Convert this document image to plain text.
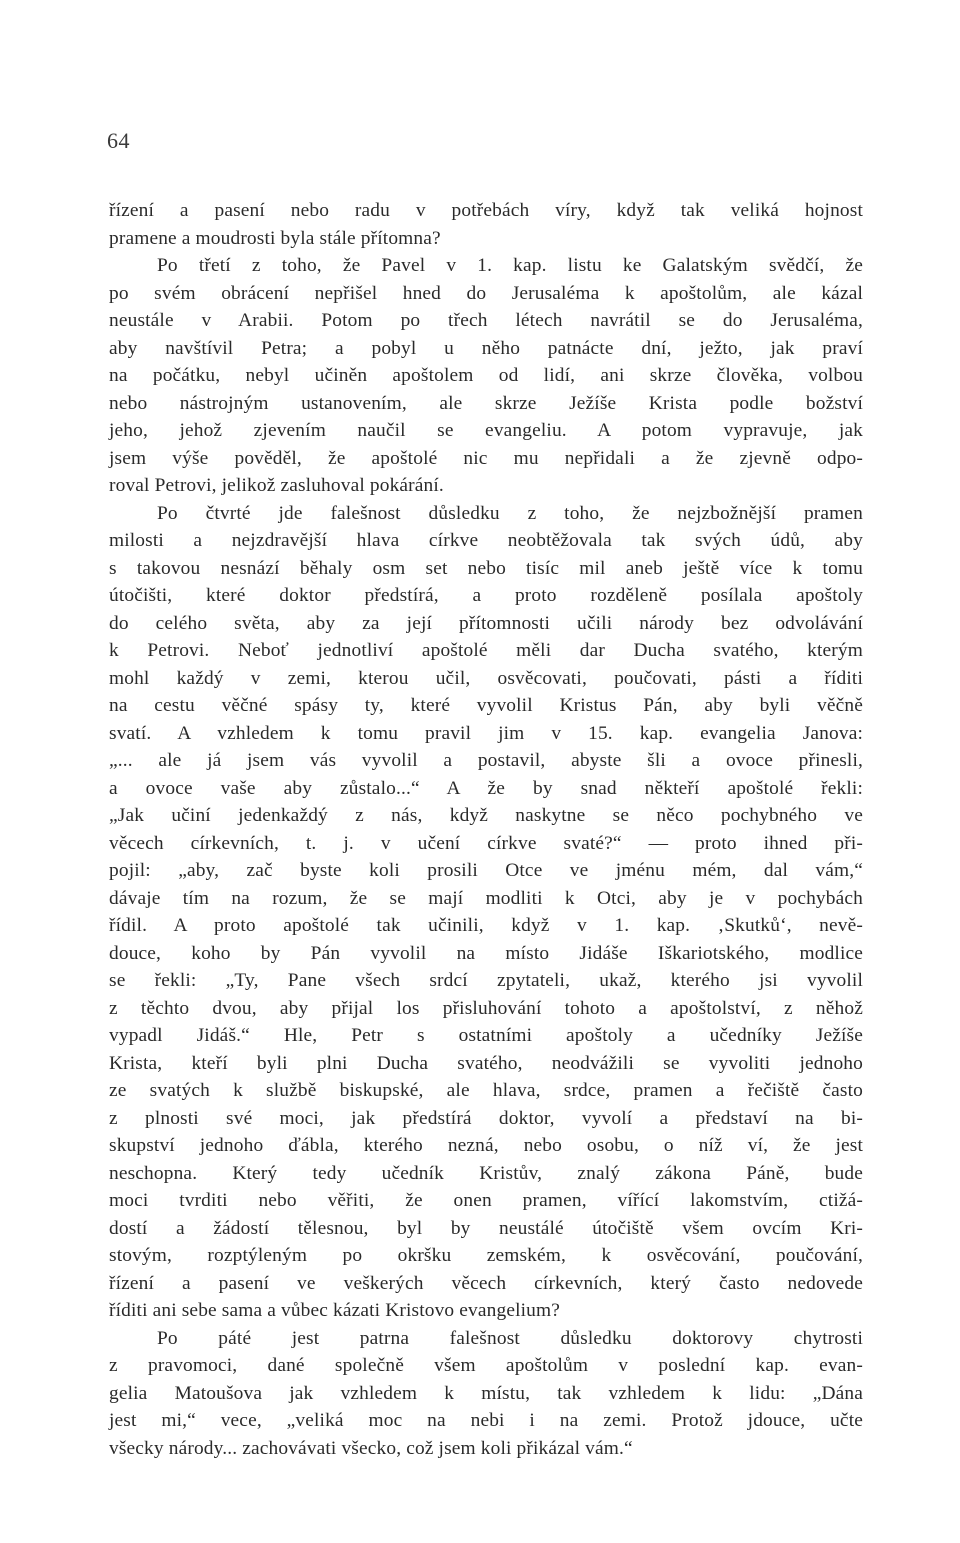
64
řízení a pasení nebo radu v potřebách víry, když tak veliká hojnost
pramene a moudrosti byla stále přítomna?
Po třetí z toho, že Pavel v 1. kap. listu ke Galatským svědčí, že
po svém obrácení nepřišel hned do Jerusaléma k apoštolům, ale kázal
neustále v Arabii. Potom po třech létech navrátil se do Jerusaléma,
aby navštívil Petra; a pobyl u něho patnácte dní, ježto, jak praví
na počátku, nebyl učiněn apoštolem od lidí, ani skrze člověka, volbou
nebo nástrojným ustanovením, ale skrze Ježíše Krista podle božství
jeho, jehož zjevením naučil se evangeliu. A potom vypravuje, jak
jsem výše pověděl, že apoštolé nic mu nepřidali a že zjevně odpo-
roval Petrovi, jelikož zasluhoval pokárání.
Po čtvrté jde falešnost důsledku z toho, že nejzbožnější pramen
milosti a nejzdravější hlava církve neobtěžovala tak svých údů, aby
s takovou nesnází běhaly osm set nebo tisíc mil aneb ještě více k tomu
útočišti, které doktor předstírá, a proto rozděleně posílala apoštoly
do celého světa, aby za její přítomnosti učili národy bez odvolávání
k Petrovi. Neboť jednotliví apoštolé měli dar Ducha svatého, kterým
mohl každý v zemi, kterou učil, osvěcovati, poučovati, pásti a říditi
na cestu věčné spásy ty, které vyvolil Kristus Pán, aby byli věčně
svatí. A vzhledem k tomu pravil jim v 15. kap. evangelia Janova:
„... ale já jsem vás vyvolil a postavil, abyste šli a ovoce přinesli,
a ovoce vaše aby zůstalo...“ A že by snad někteří apoštolé řekli:
„Jak učiní jedenkaždý z nás, když naskytne se něco pochybného ve
věcech církevních, t. j. v učení církve svaté?“ — proto ihned při-
pojil: „aby, zač byste koli prosili Otce ve jménu mém, dal vám,“
dávaje tím na rozum, že se mají modliti k Otci, aby je v pochybách
řídil. A proto apoštolé tak učinili, když v 1. kap. ‚Skutků‘, nevě-
douce, koho by Pán vyvolil na místo Jidáše Iškariotského, modlice
se řekli: „Ty, Pane všech srdcí zpytateli, ukaž, kterého jsi vyvolil
z těchto dvou, aby přijal los přisluhování tohoto a apoštolství, z něhož
vypadl Jidáš.“ Hle, Petr s ostatními apoštoly a učedníky Ježíše
Krista, kteří byli plni Ducha svatého, neodvážili se vyvoliti jednoho
ze svatých k službě biskupské, ale hlava, srdce, pramen a řečiště často
z plnosti své moci, jak předstírá doktor, vyvolí a představí na bi-
skupství jednoho ďábla, kterého nezná, nebo osobu, o níž ví, že jest
neschopna. Který tedy učedník Kristův, znalý zákona Páně, bude
moci tvrditi nebo věřiti, že onen pramen, vířící lakomstvím, ctižá-
dostí a žádostí tělesnou, byl by neustálé útočiště všem ovcím Kri-
stovým, rozptýleným po okršku zemském, k osvěcování, poučování,
řízení a pasení ve veškerých věcech církevních, který často nedovede
říditi ani sebe sama a vůbec kázati Kristovo evangelium?
Po páté jest patrna falešnost důsledku doktorovy chytrosti
z pravomoci, dané společně všem apoštolům v poslední kap. evan-
gelia Matoušova jak vzhledem k místu, tak vzhledem k lidu: „Dána
jest mi,“ vece, „veliká moc na nebi i na zemi. Protož jdouce, učte
všecky národy... zachovávati všecko, což jsem koli přikázal vám.“
